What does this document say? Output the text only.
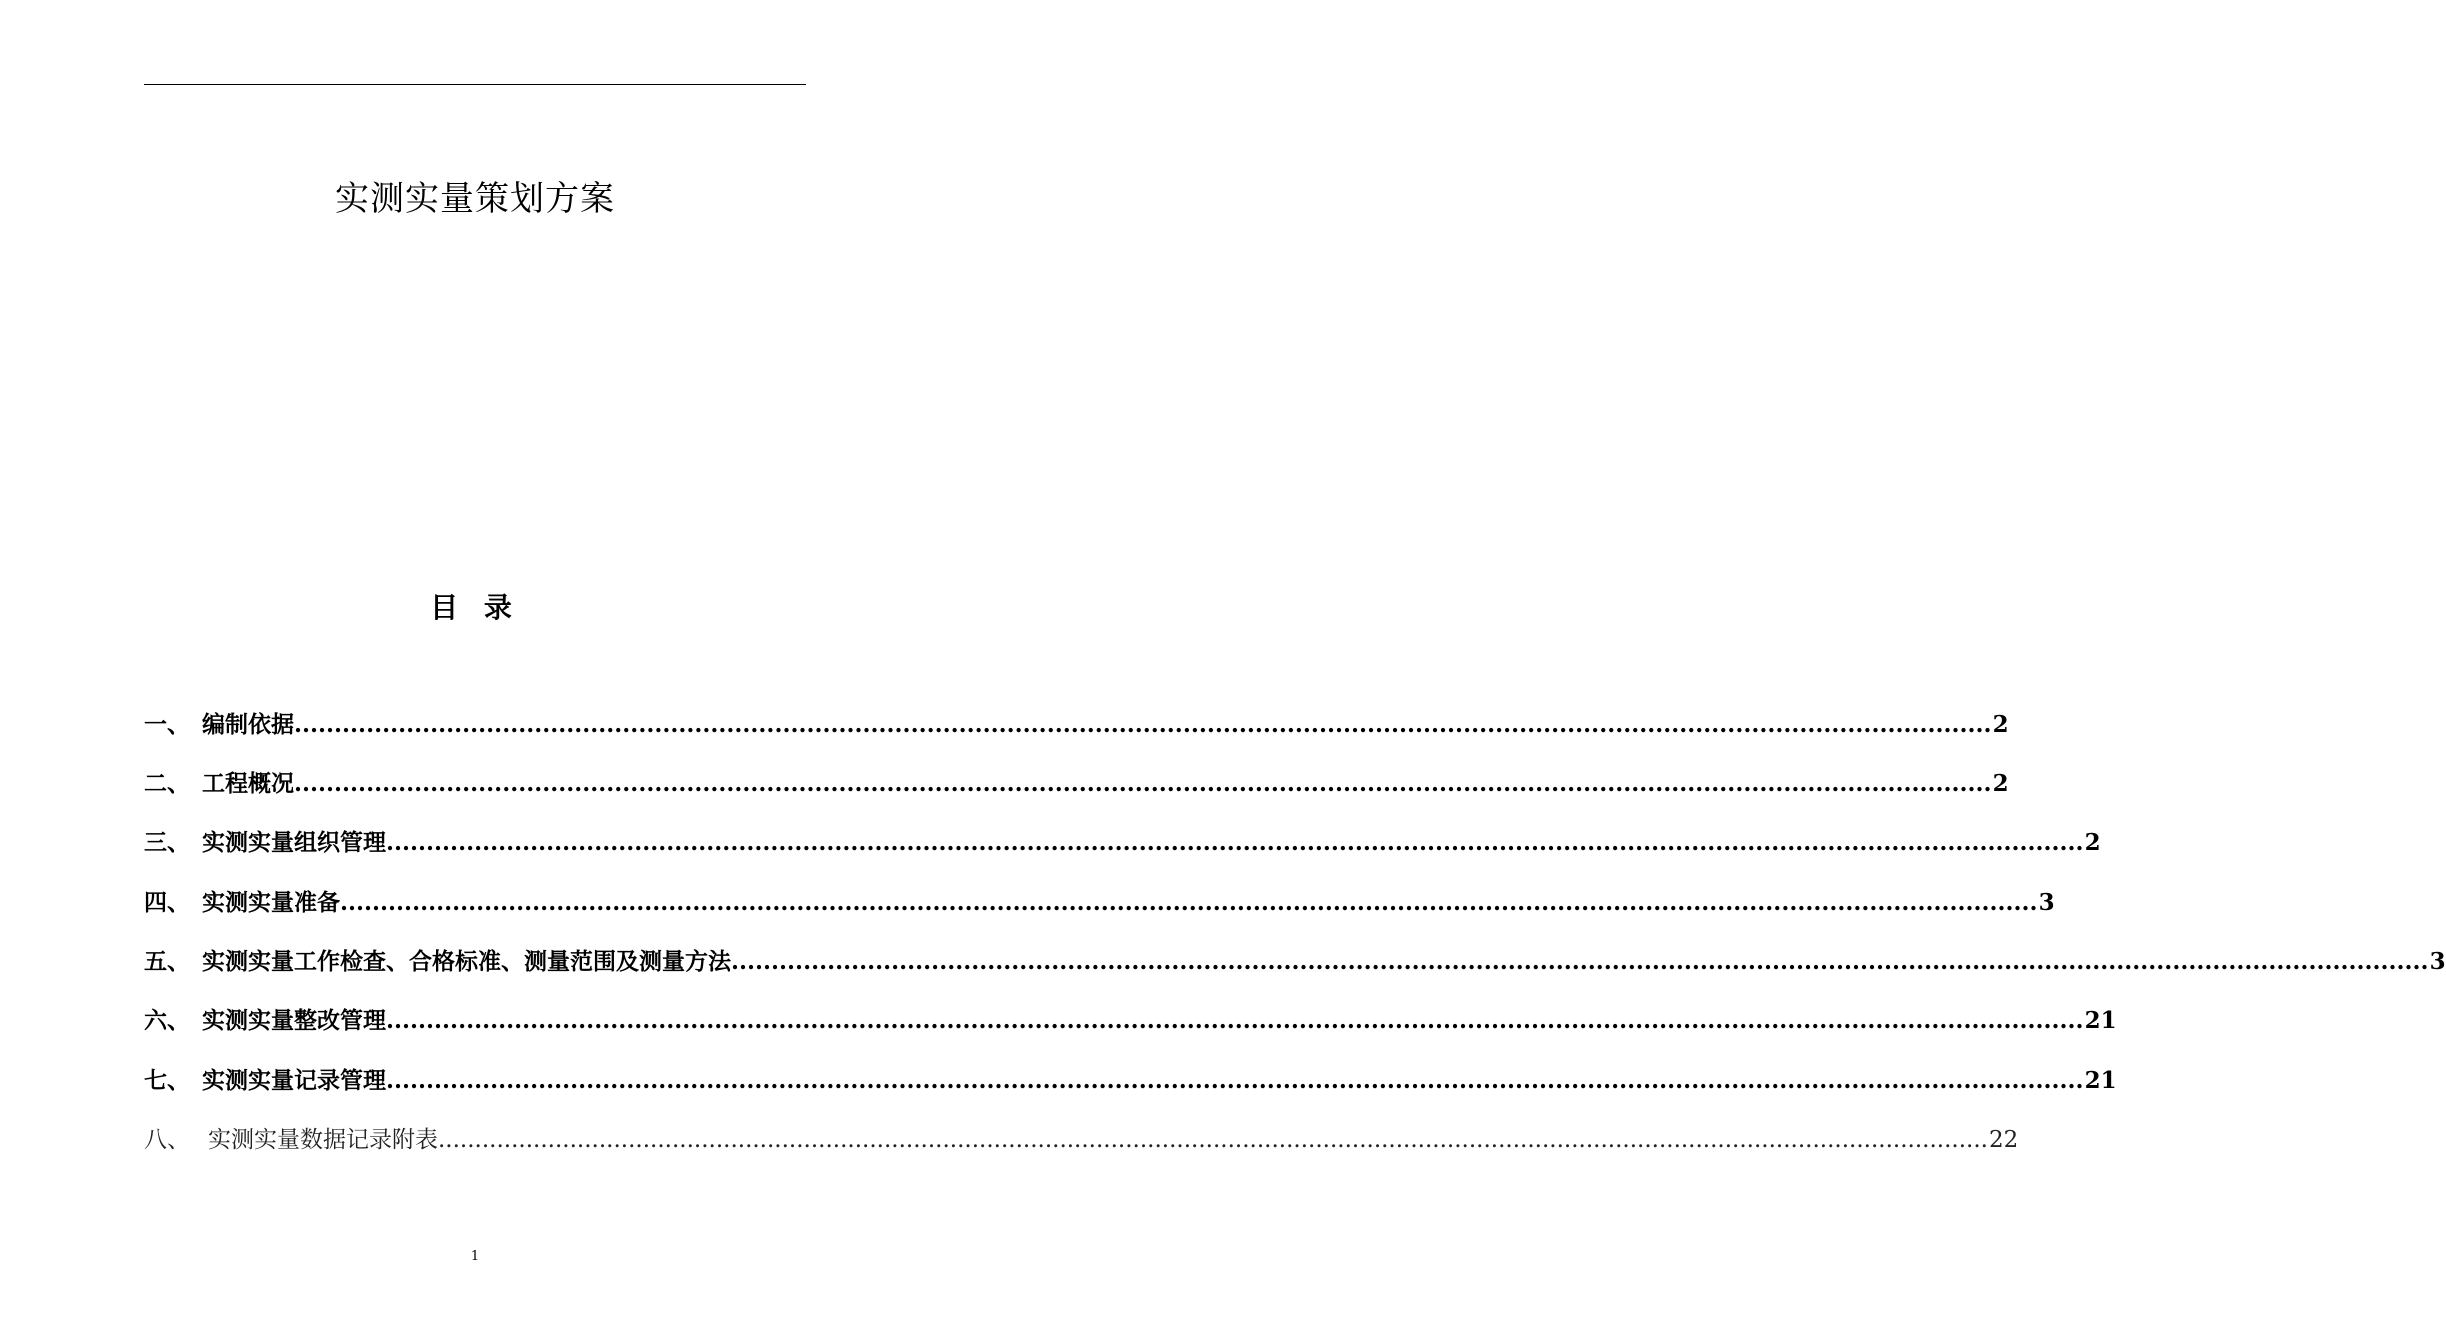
实测实量策划方案
目 录
一、 编制依据 .....	2
二、 工程概况 .....	2
三、 实测实量组织管理 .....	2
四、 实测实量准备 .....	3
五、 实测实量工作检查、合格标准、测量范围及测量方法 .....	3
六、 实测实量整改管理 .....	21
七、 实测实量记录管理 .....	21
八、 实测实量数据记录附表 .....	22
1
